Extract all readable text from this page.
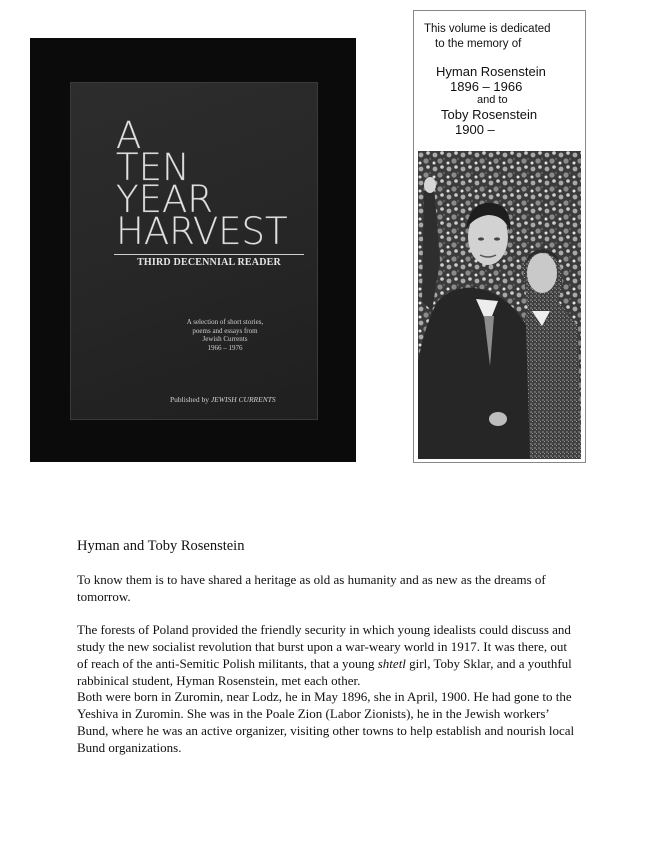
A
TEN
YEAR
HARVEST
THIRD DECENNIAL READER
A selection of short stories,
poems and essays from
Jewish Currents
1966 – 1976
Published by JEWISH CURRENTS
This volume is dedicated
to the memory of
Hyman Rosenstein
1896 – 1966
and to
Toby Rosenstein
1900 –
Hyman and Toby Rosenstein
To know them is to have shared a heritage as old as humanity and as new as the dreams of
tomorrow.
The forests of Poland provided the friendly security in which young idealists could discuss and
study the new socialist revolution that burst upon a war-weary world in 1917. It was there, out
of reach of the anti-Semitic Polish militants, that a young shtetl girl, Toby Sklar, and a youthful
rabbinical student, Hyman Rosenstein, met each other.
Both were born in Zuromin, near Lodz, he in May 1896, she in April, 1900. He had gone to the
Yeshiva in Zuromin. She was in the Poale Zion (Labor Zionists), he in the Jewish workers’
Bund, where he was an active organizer, visiting other towns to help establish and nourish local
Bund organizations.
